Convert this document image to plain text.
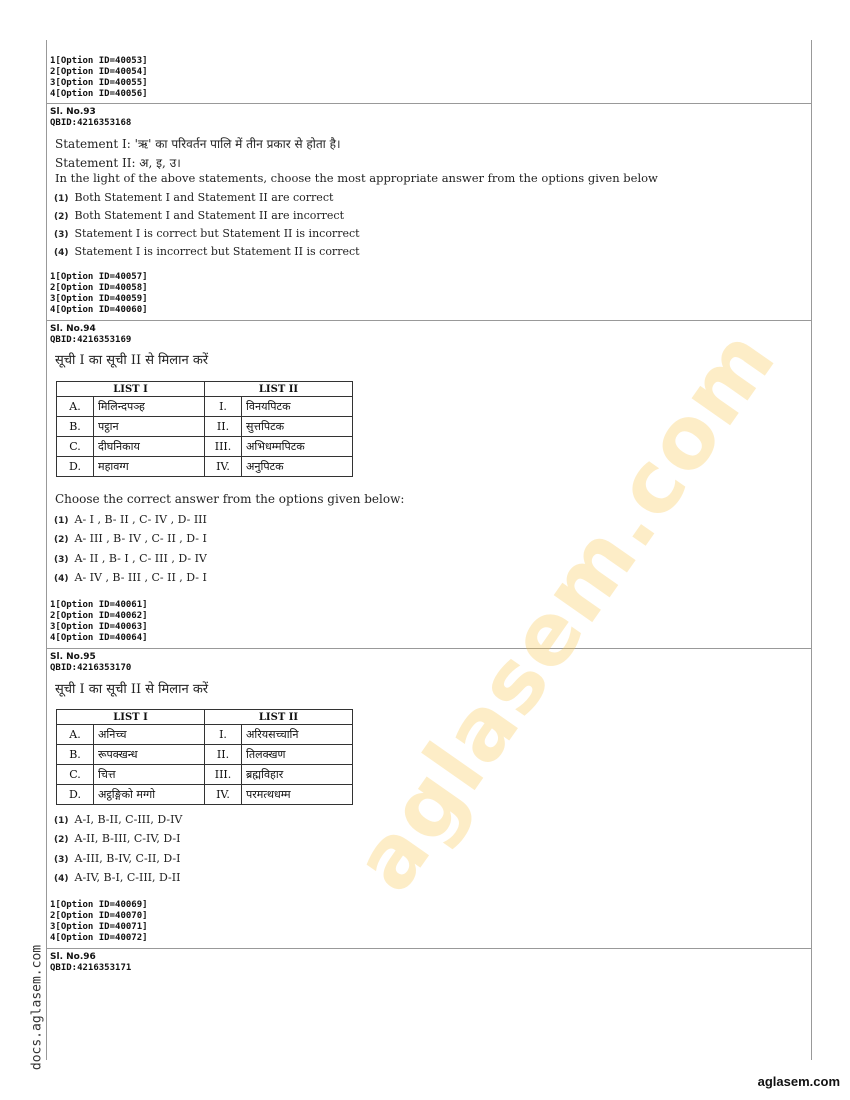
1[Option ID=40053]
2[Option ID=40054]
3[Option ID=40055]
4[Option ID=40056]
Sl. No.93
QBID:4216353168
Statement I: 'ऋ' का परिवर्तन पालि में तीन प्रकार से होता है।
Statement II: अ, इ, उ।
In the light of the above statements, choose the most appropriate answer from the options given below
(1) Both Statement I and Statement II are correct
(2) Both Statement I and Statement II are incorrect
(3) Statement I is correct but Statement II is incorrect
(4) Statement I is incorrect but Statement II is correct
1[Option ID=40057]
2[Option ID=40058]
3[Option ID=40059]
4[Option ID=40060]
Sl. No.94
QBID:4216353169
सूची I का सूची II से मिलान करें
LIST I		LIST II	
A.	मिलिन्दपञ्ह	I.	विनयपिटक
B.	पट्ठान	II.	सुत्तपिटक
C.	दीघनिकाय	III.	अभिधम्मपिटक
D.	महावग्ग	IV.	अनुपिटक
Choose the correct answer from the options given below:
(1) A- I , B- II , C- IV , D- III
(2) A- III , B- IV , C- II , D- I
(3) A- II , B- I , C- III , D- IV
(4) A- IV , B- III , C- II , D- I
1[Option ID=40061]
2[Option ID=40062]
3[Option ID=40063]
4[Option ID=40064]
Sl. No.95
QBID:4216353170
सूची I का सूची II से मिलान करें
LIST I		LIST II	
A.	अनिच्च	I.	अरियसच्चानि
B.	रूपक्खन्ध	II.	तिलक्खण
C.	चित्त	III.	ब्रह्मविहार
D.	अट्ठङ्गिको मग्गो	IV.	परमत्थधम्म
(1) A-I, B-II, C-III, D-IV
(2) A-II, B-III, C-IV, D-I
(3) A-III, B-IV, C-II, D-I
(4) A-IV, B-I, C-III, D-II
1[Option ID=40069]
2[Option ID=40070]
3[Option ID=40071]
4[Option ID=40072]
Sl. No.96
QBID:4216353171
aglasem.com
docs.aglasem.com
aglasem.com
